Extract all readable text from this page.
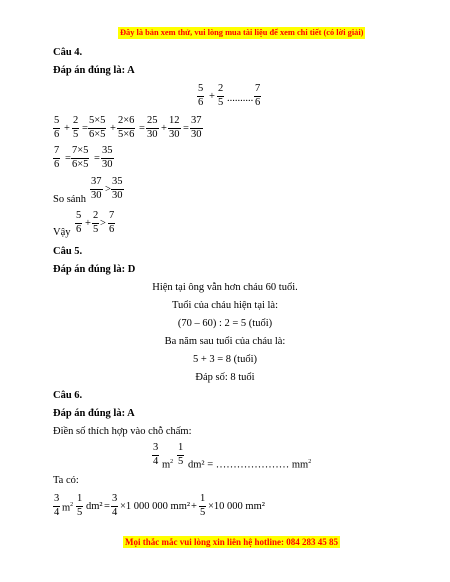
Đây là bản xem thử, vui lòng mua tài liệu để xem chi tiết (có lời giải)
Câu 4.
Đáp án đúng là: A
$\frac{5}{6} + \frac{2}{5}$ .......... $\frac{7}{6}$
$\frac{5}{6} + \frac{2}{5} = \frac{5\times 5}{6\times 5} + \frac{2\times 6}{5\times 6} = \frac{25}{30} + \frac{12}{30} = \frac{37}{30}$
$\frac{7}{6} = \frac{7\times 5}{6\times 5} = \frac{35}{30}$
So sánh $\frac{37}{30} > \frac{35}{30}$
Vậy $\frac{5}{6} + \frac{2}{5} > \frac{7}{6}$
Câu 5.
Đáp án đúng là: D
Hiện tại ông vẫn hơn cháu 60 tuổi.
Tuổi của cháu hiện tại là:
(70 – 60) : 2 = 5 (tuổi)
Ba năm sau tuổi của cháu là:
5 + 3 = 8 (tuổi)
Đáp số: 8 tuổi
Câu 6.
Đáp án đúng là: A
Điền số thích hợp vào chỗ chấm:
$\frac{3}{4} m^2 \frac{1}{5} dm^2$ = ………………… $mm^2$
Ta có:
$\frac{3}{4} m^2 \frac{1}{5} dm^2 = \frac{3}{4} \times 1$ 000 000 $mm^2 + \frac{1}{5} \times 10$ 000 mm²
Mọi thắc mắc vui lòng xin liên hệ hotline: 084 283 45 85
